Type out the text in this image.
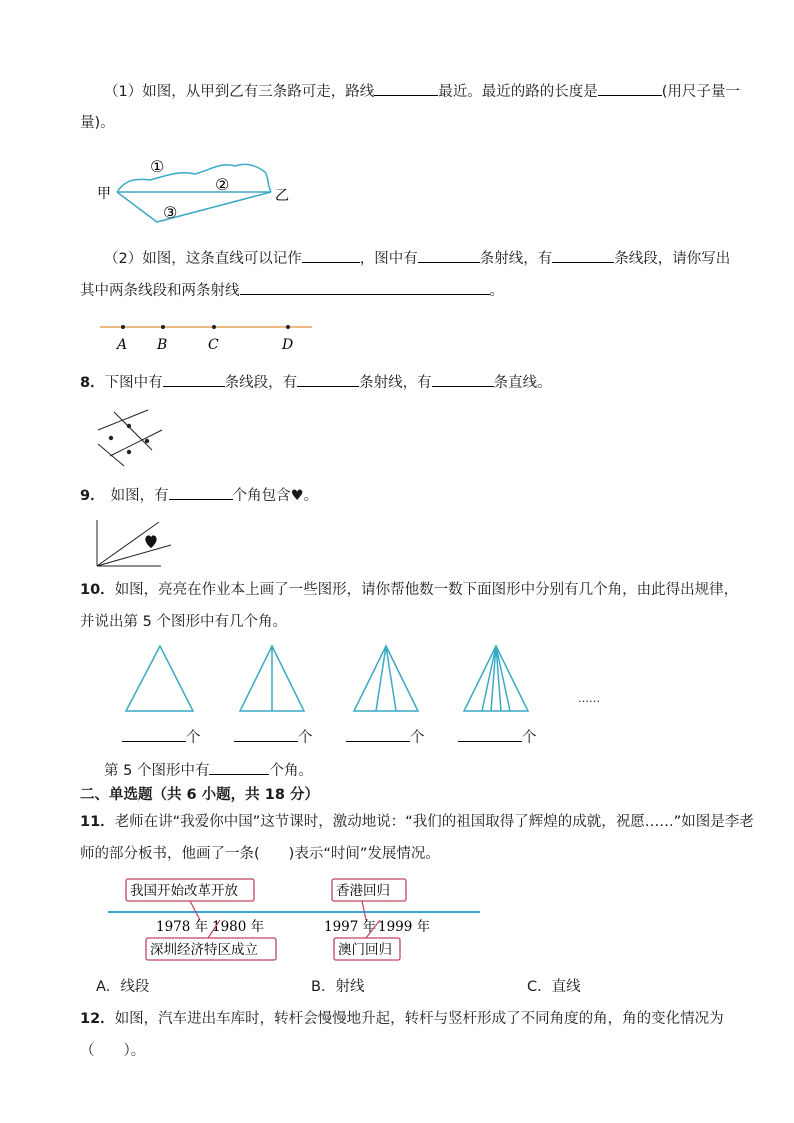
（1）如图，从甲到乙有三条路可走，路线	最近。最近的路的长度是	(用尺子量一
量)。
甲	乙
①
②
③
（2）如图，这条直线可以记作	，图中有	条射线，有	条线段，请你写出
其中两条线段和两条射线	。
A B	C	D
8．下图中有	条线段，有	条射线，有	条直线。
9． 如图，有	个角包含♥。
10．如图，亮亮在作业本上画了一些图形，请你帮他数一数下面图形中分别有几个角，由此得出规律，
并说出第 5 个图形中有几个角。
……
个	个	个	个
第 5 个图形中有	个角。
二、单选题（共 6 小题，共 18 分）
11．老师在讲“我爱你中国”这节课时，激动地说：“我们的祖国取得了辉煌的成就，祝愿……”如图是李老
师的部分板书，他画了一条(　　)表示“时间”发展情况。
我国开始改革开放	香港回归
1978 年 1980 年	1997 年 1999 年
深圳经济特区成立	澳门回归
A．线段	B．射线	C．直线
12．如图，汽车进出车库时，转杆会慢慢地升起，转杆与竖杆形成了不同角度的角，角的变化情况为
（　　）。
